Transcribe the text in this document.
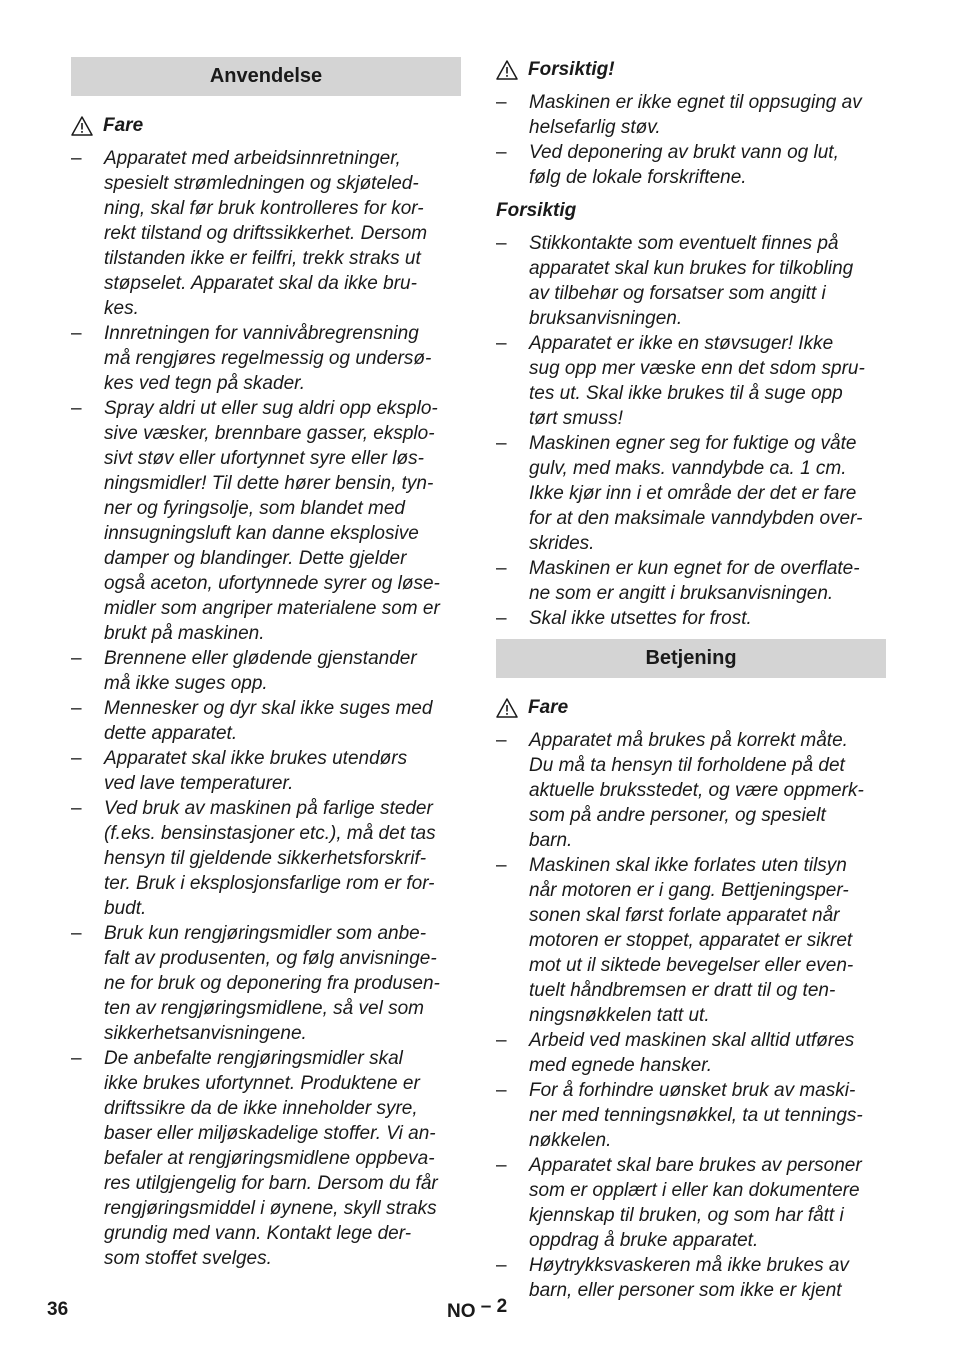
Anvendelse
Fare
– Apparatet med arbeidsinnretninger,
spesielt strømledningen og skjøteled-
ning, skal før bruk kontrolleres for kor-
rekt tilstand og driftssikkerhet. Dersom
tilstanden ikke er feilfri, trekk straks ut
støpselet. Apparatet skal da ikke bru-
kes.
– Innretningen for vannivåbregrensning
må rengjøres regelmessig og undersø-
kes ved tegn på skader.
– Spray aldri ut eller sug aldri opp eksplo-
sive væsker, brennbare gasser, eksplo-
sivt støv eller ufortynnet syre eller løs-
ningsmidler! Til dette hører bensin, tyn-
ner og fyringsolje, som blandet med
innsugningsluft kan danne eksplosive
damper og blandinger. Dette gjelder
også aceton, ufortynnede syrer og løse-
midler som angriper materialene som er
brukt på maskinen.
– Brennene eller glødende gjenstander
må ikke suges opp.
– Mennesker og dyr skal ikke suges med
dette apparatet.
– Apparatet skal ikke brukes utendørs
ved lave temperaturer.
– Ved bruk av maskinen på farlige steder
(f.eks. bensinstasjoner etc.), må det tas
hensyn til gjeldende sikkerhetsforskrif-
ter. Bruk i eksplosjonsfarlige rom er for-
budt.
– Bruk kun rengjøringsmidler som anbe-
falt av produsenten, og følg anvisninge-
ne for bruk og deponering fra produsen-
ten av rengjøringsmidlene, så vel som
sikkerhetsanvisningene.
– De anbefalte rengjøringsmidler skal
ikke brukes ufortynnet. Produktene er
driftssikre da de ikke inneholder syre,
baser eller miljøskadelige stoffer. Vi an-
befaler at rengjøringsmidlene oppbeva-
res utilgjengelig for barn. Dersom du får
rengjøringsmiddel i øynene, skyll straks
grundig med vann. Kontakt lege der-
som stoffet svelges.
Forsiktig!
– Maskinen er ikke egnet til oppsuging av
helsefarlig støv.
– Ved deponering av brukt vann og lut,
følg de lokale forskriftene.
Forsiktig
– Stikkontakte som eventuelt finnes på
apparatet skal kun brukes for tilkobling
av tilbehør og forsatser som angitt i
bruksanvisningen.
– Apparatet er ikke en støvsuger! Ikke
sug opp mer væske enn det sdom spru-
tes ut. Skal ikke brukes til å suge opp
tørt smuss!
– Maskinen egner seg for fuktige og våte
gulv, med maks. vanndybde ca. 1 cm.
Ikke kjør inn i et område der det er fare
for at den maksimale vanndybden over-
skrides.
– Maskinen er kun egnet for de overflate-
ne som er angitt i bruksanvisningen.
– Skal ikke utsettes for frost.
Betjening
Fare
– Apparatet må brukes på korrekt måte.
Du må ta hensyn til forholdene på det
aktuelle bruksstedet, og være oppmerk-
som på andre personer, og spesielt
barn.
– Maskinen skal ikke forlates uten tilsyn
når motoren er i gang. Bettjeningsper-
sonen skal først forlate apparatet når
motoren er stoppet, apparatet er sikret
mot ut il siktede bevegelser eller even-
tuelt håndbremsen er dratt til og ten-
ningsnøkkelen tatt ut.
– Arbeid ved maskinen skal alltid utføres
med egnede hansker.
– For å forhindre uønsket bruk av maski-
ner med tenningsnøkkel, ta ut tennings-
nøkkelen.
– Apparatet skal bare brukes av personer
som er opplært i eller kan dokumentere
kjennskap til bruken, og som har fått i
oppdrag å bruke apparatet.
– Høytrykksvaskeren må ikke brukes av
barn, eller personer som ikke er kjent
36	NO – 2
